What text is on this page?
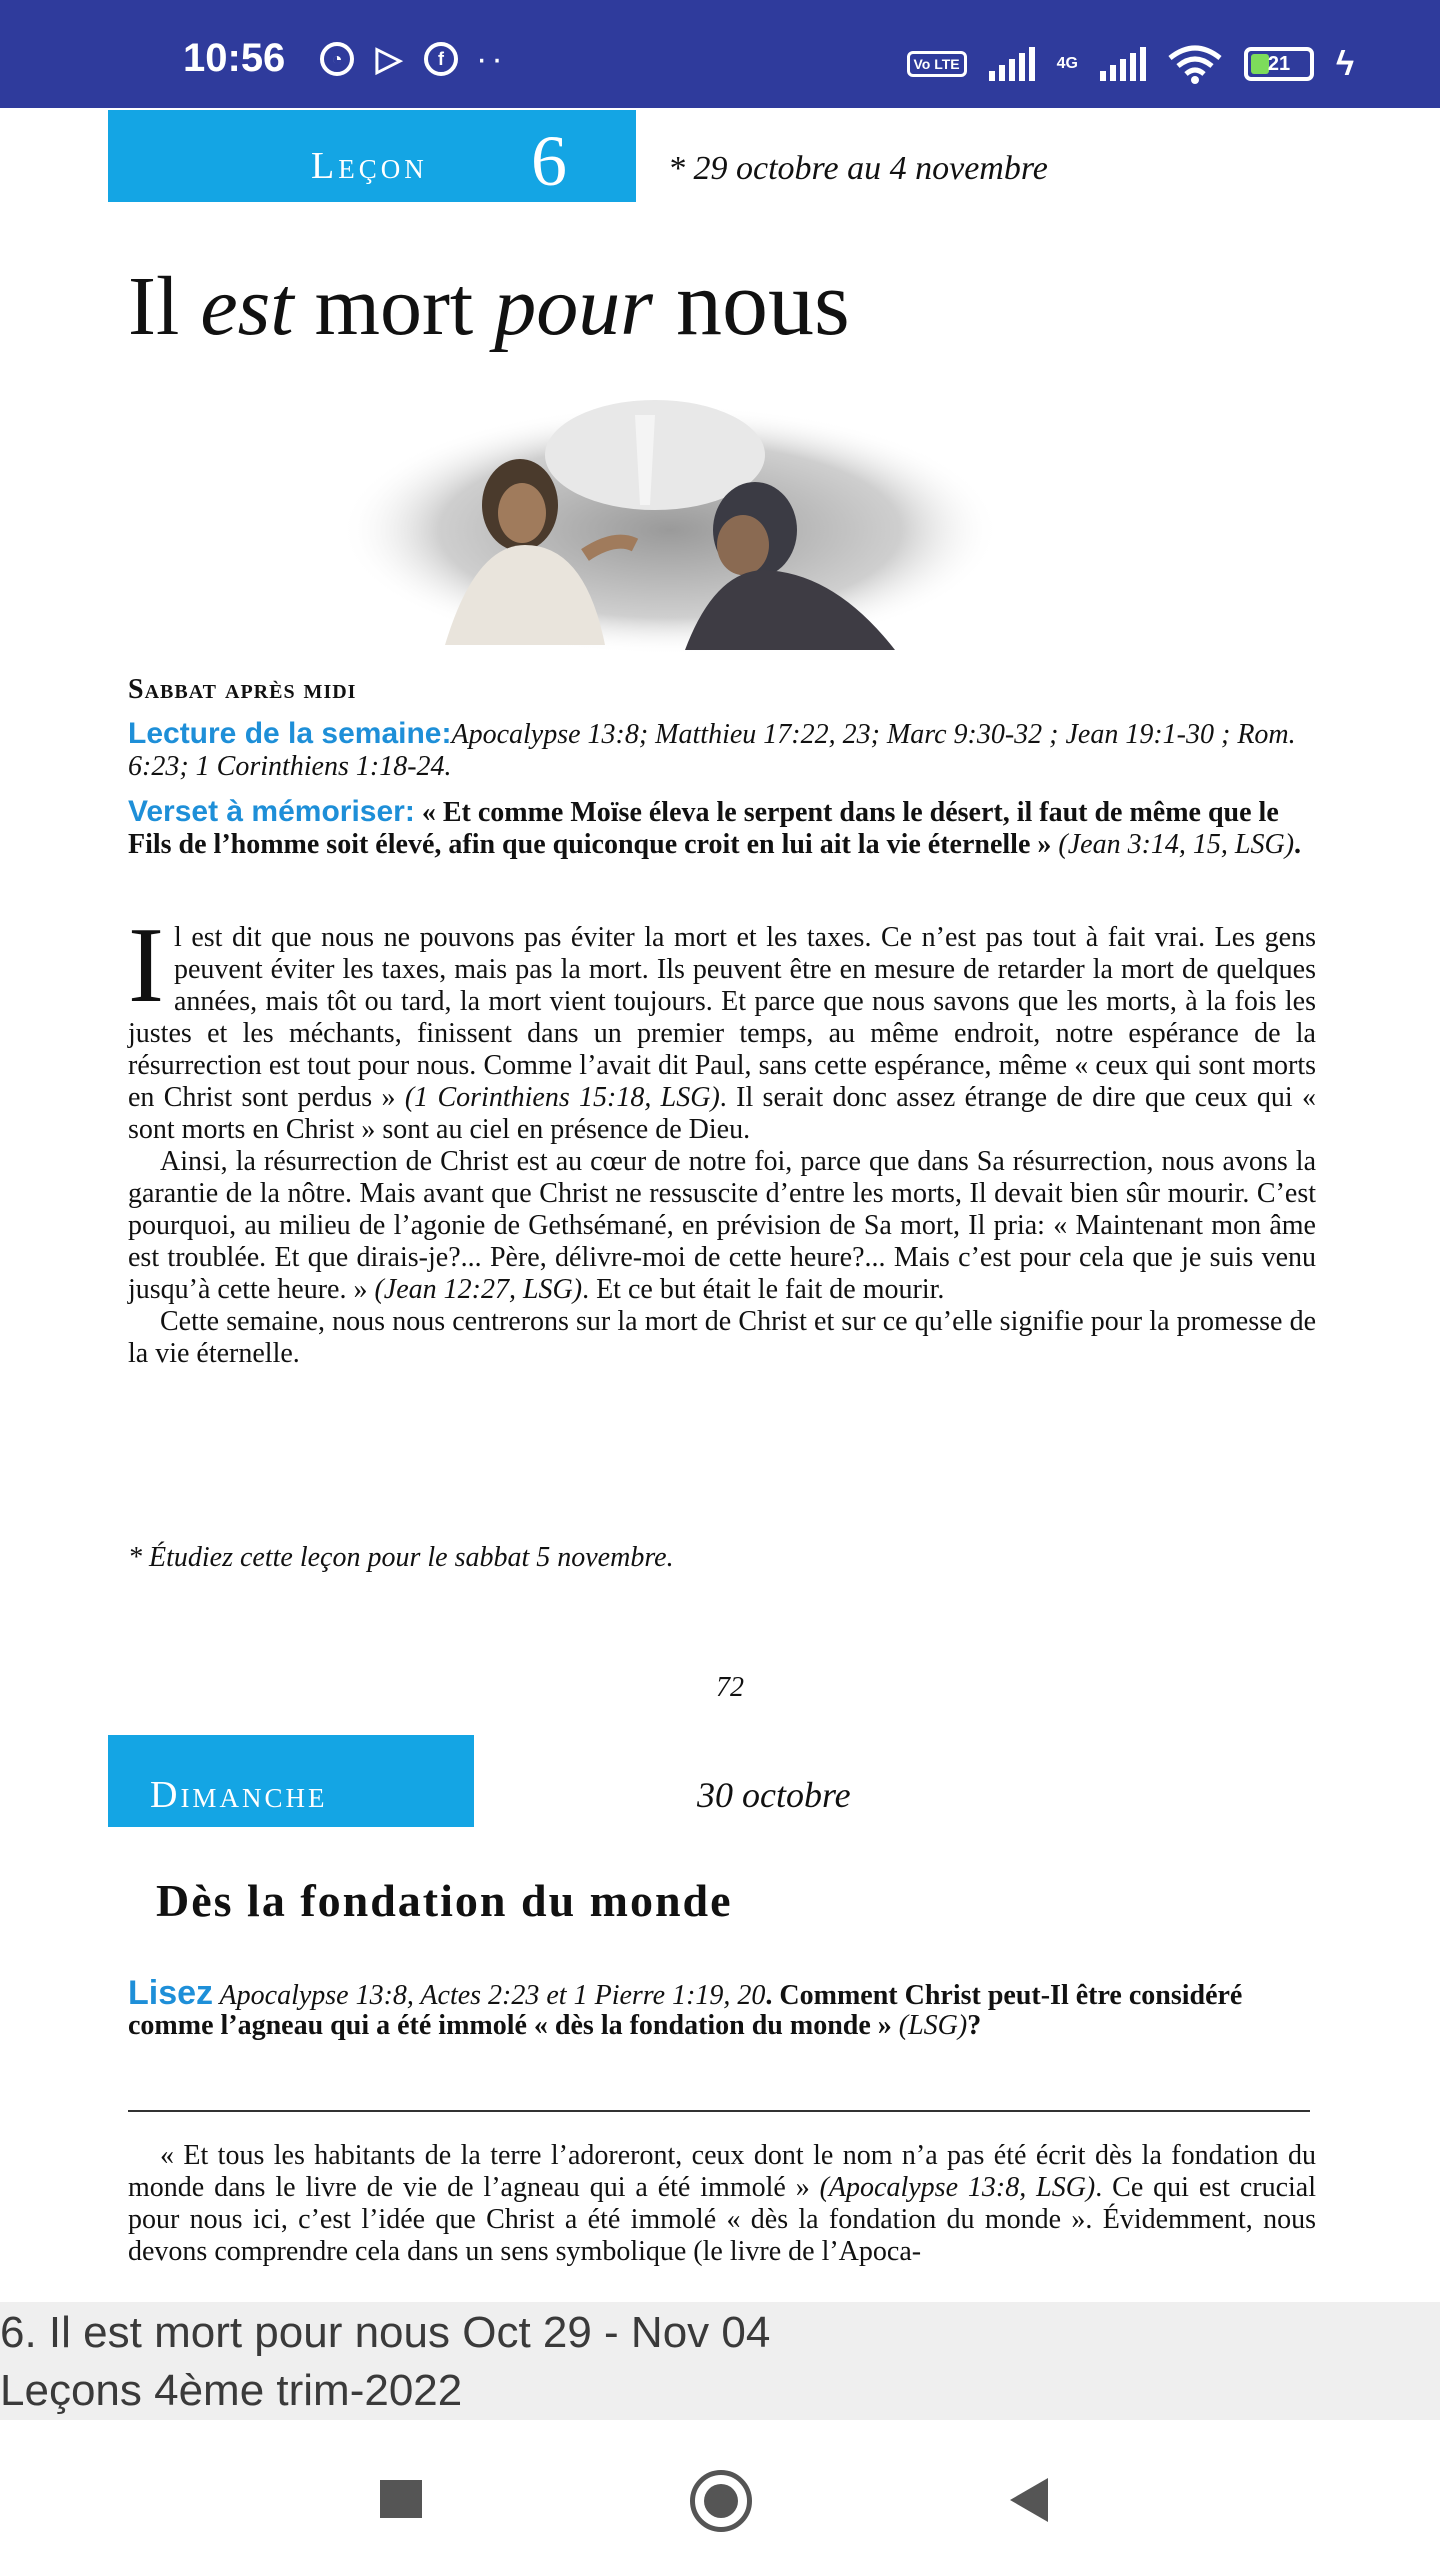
10:56	◔ ▷	f ··	Vo LTE	4G	21 ϟ
Leçon 6	* 29 octobre au 4 novembre
Il est mort pour nous
Sabbat après midi
Lecture de la semaine:Apocalypse 13:8; Matthieu 17:22, 23; Marc 9:30-32 ; Jean 19:1-30 ; Rom. 6:23; 1 Corinthiens 1:18-24.
Verset à mémoriser: « Et comme Moïse éleva le serpent dans le désert, il faut de même que le Fils de l’homme soit élevé, afin que quiconque croit en lui ait la vie éternelle » (Jean 3:14, 15, LSG).

Il est dit que nous ne pouvons pas éviter la mort et les taxes. Ce n’est pas tout à fait vrai. Les gens peuvent éviter les taxes, mais pas la mort. Ils peuvent être en mesure de retarder la mort de quelques années, mais tôt ou tard, la mort vient toujours. Et parce que nous savons que les morts, à la fois les justes et les méchants, finissent dans un premier temps, au même endroit, notre espérance de la résurrection est tout pour nous. Comme l’avait dit Paul, sans cette espérance, même « ceux qui sont morts en Christ sont perdus » (1 Corinthiens 15:18, LSG). Il serait donc assez étrange de dire que ceux qui « sont morts en Christ » sont au ciel en présence de Dieu.

Ainsi, la résurrection de Christ est au cœur de notre foi, parce que dans Sa résurrection, nous avons la garantie de la nôtre. Mais avant que Christ ne ressuscite d’entre les morts, Il devait bien sûr mourir. C’est pourquoi, au milieu de l’agonie de Gethsémané, en prévision de Sa mort, Il pria: « Maintenant mon âme est troublée. Et que dirais-je?... Père, délivre-moi de cette heure?... Mais c’est pour cela que je suis venu jusqu’à cette heure. » (Jean 12:27, LSG). Et ce but était le fait de mourir.

Cette semaine, nous nous centrerons sur la mort de Christ et sur ce qu’elle signifie pour la promesse de la vie éternelle.

* Étudiez cette leçon pour le sabbat 5 novembre.
72
Dimanche	30 octobre
Dès la fondation du monde
Lisez Apocalypse 13:8, Actes 2:23 et 1 Pierre 1:19, 20. Comment Christ peut-Il être considéré comme l’agneau qui a été immolé « dès la fondation du monde » (LSG)?

« Et tous les habitants de la terre l’adoreront, ceux dont le nom n’a pas été écrit dès la fondation du monde dans le livre de vie de l’agneau qui a été immolé » (Apocalypse 13:8, LSG). Ce qui est crucial pour nous ici, c’est l’idée que Christ a été immolé « dès la fondation du monde ». Évidemment, nous devons comprendre cela dans un sens symbolique (le livre de l’Apoca-

6. Il est mort pour nous Oct 29 - Nov 04
Leçons 4ème trim-2022
